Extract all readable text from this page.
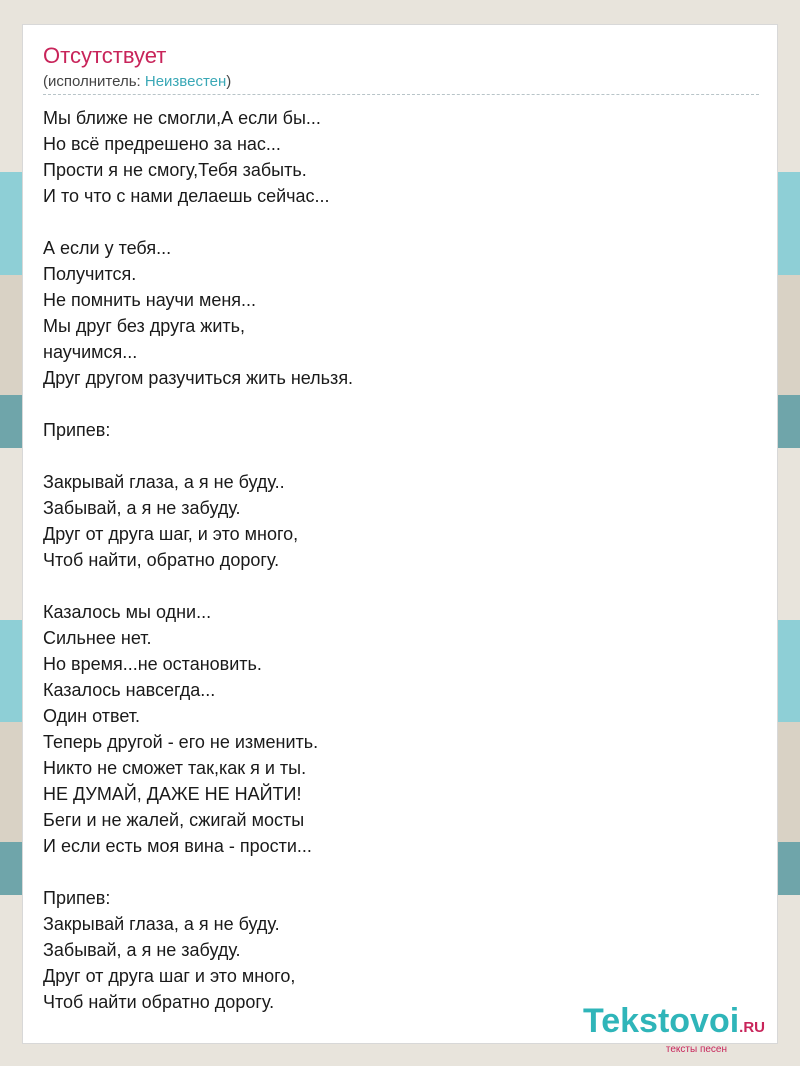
Отсутствует
(исполнитель: Неизвестен)
Мы ближе не смогли,А если бы...
Но всё предрешено за нас...
Прости я не смогу,Тебя забыть.
И то что с нами делаешь сейчас...
А если у тебя...
Получится.
Не помнить научи меня...
Мы друг без друга жить,
научимся...
Друг другом разучиться жить нельзя.
Припев:
Закрывай глаза, а я не буду..
Забывай, а я не забуду.
Друг от друга шаг, и это много,
Чтоб найти, обратно дорогу.
Казалось мы одни...
Сильнее нет.
Но время...не остановить.
Казалось навсегда...
Один ответ.
Теперь другой - его не изменить.
Никто не сможет так,как я и ты.
НЕ ДУМАЙ, ДАЖЕ НЕ НАЙТИ!
Беги и не жалей, сжигай мосты
И если есть моя вина - прости...
Припев:
Закрывай глаза, а я не буду.
Забывай, а я не забуду.
Друг от друга шаг и это много,
Чтоб найти обратно дорогу.	Tekstovoi.RU
тексты песен
